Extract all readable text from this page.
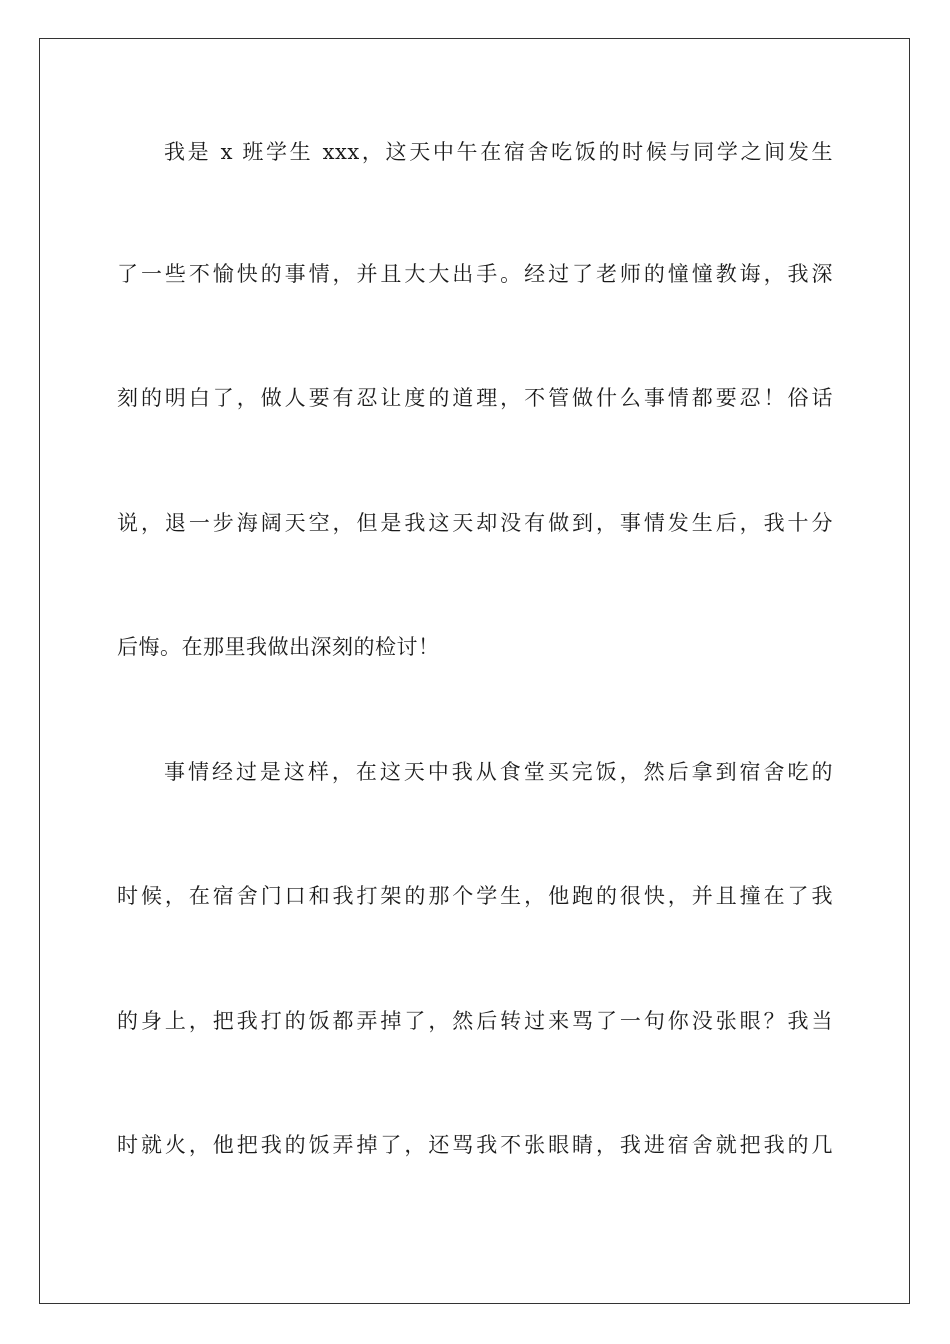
我是 x 班学生 xxx，这天中午在宿舍吃饭的时候与同学之间发生
了一些不愉快的事情，并且大大出手。经过了老师的憧憧教诲，我深
刻的明白了，做人要有忍让度的道理，不管做什么事情都要忍！俗话
说，退一步海阔天空，但是我这天却没有做到，事情发生后，我十分
后悔。在那里我做出深刻的检讨！
事情经过是这样，在这天中我从食堂买完饭，然后拿到宿舍吃的
时候，在宿舍门口和我打架的那个学生，他跑的很快，并且撞在了我
的身上，把我打的饭都弄掉了，然后转过来骂了一句你没张眼？我当
时就火，他把我的饭弄掉了，还骂我不张眼睛，我进宿舍就把我的几
